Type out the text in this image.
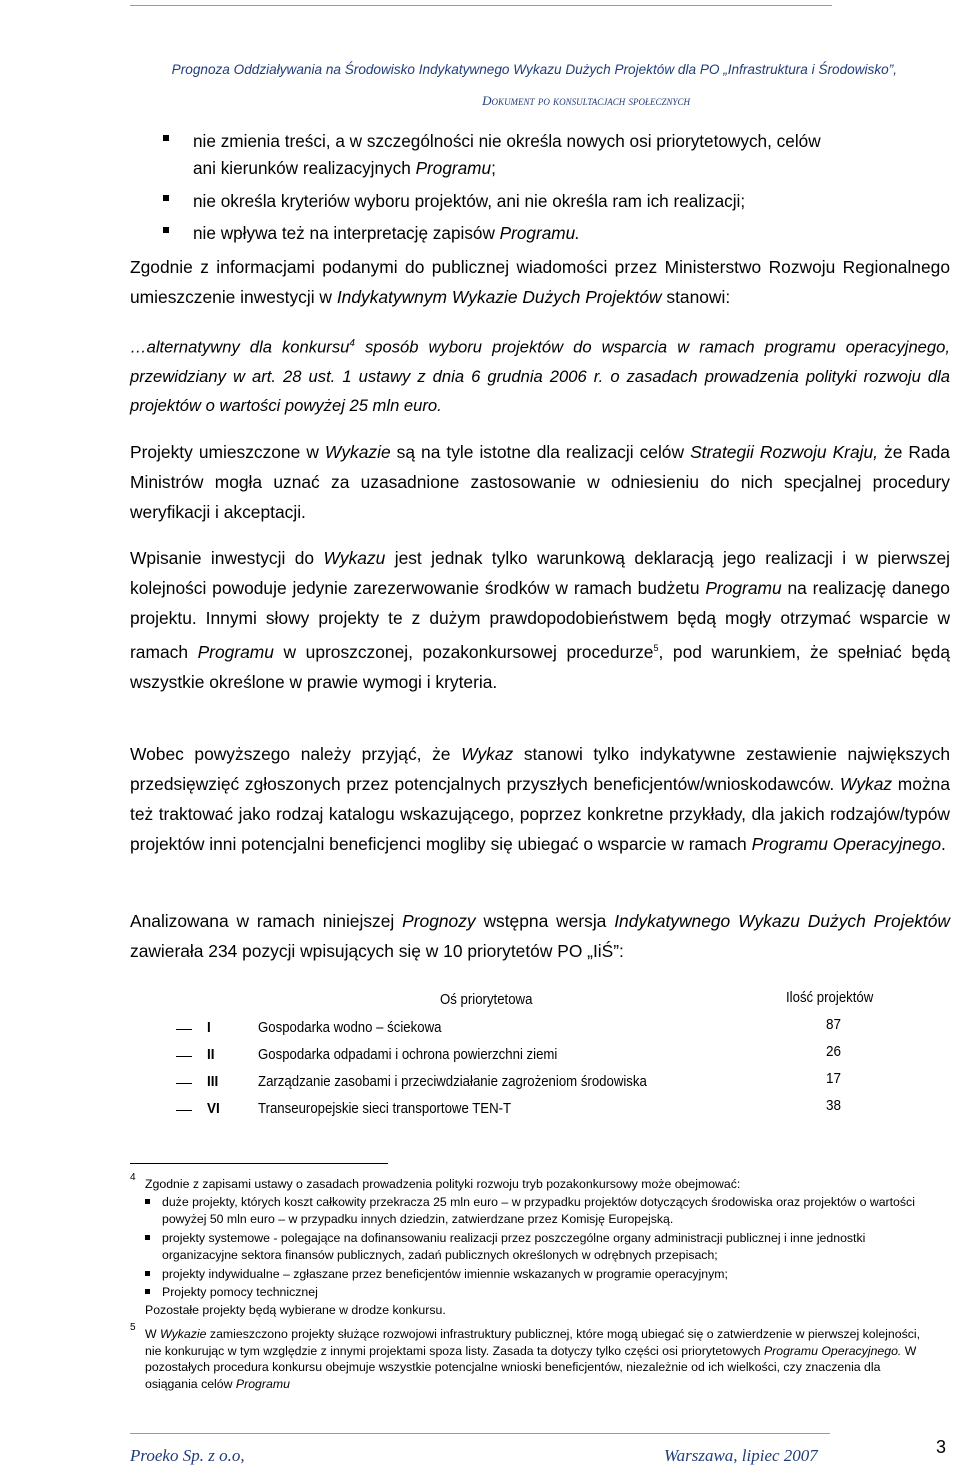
Prognoza Oddziaływania na Środowisko Indykatywnego Wykazu Dużych Projektów dla PO „Infrastruktura i Środowisko”,
Dokument po konsultacjach społecznych
nie zmienia treści, a w szczególności nie określa nowych osi priorytetowych, celów
ani kierunków realizacyjnych Programu;
nie określa kryteriów wyboru projektów, ani nie określa ram ich realizacji;
nie wpływa też na interpretację zapisów Programu.
Zgodnie z informacjami podanymi do publicznej wiadomości przez Ministerstwo Rozwoju Regionalnego umieszczenie inwestycji w Indykatywnym Wykazie Dużych Projektów stanowi:
…alternatywny dla konkursu$^4$ sposób wyboru projektów do wsparcia w ramach programu operacyjnego, przewidziany w art. 28 ust. 1 ustawy z dnia 6 grudnia 2006 r. o zasadach prowadzenia polityki rozwoju dla projektów o wartości powyżej 25 mln euro.
Projekty umieszczone w Wykazie są na tyle istotne dla realizacji celów Strategii Rozwoju Kraju, że Rada Ministrów mogła uznać za uzasadnione zastosowanie w odniesieniu do nich specjalnej procedury weryfikacji i akceptacji.
Wpisanie inwestycji do Wykazu jest jednak tylko warunkową deklaracją jego realizacji i w pierwszej kolejności powoduje jedynie zarezerwowanie środków w ramach budżetu Programu na realizację danego projektu. Innymi słowy projekty te z dużym prawdopodobieństwem będą mogły otrzymać wsparcie w ramach Programu w uproszczonej, pozakonkursowej procedurze$^5$, pod warunkiem, że spełniać będą wszystkie określone w prawie wymogi i kryteria.
Wobec powyższego należy przyjąć, że Wykaz stanowi tylko indykatywne zestawienie największych przedsięwzięć zgłoszonych przez potencjalnych przyszłych beneficjentów/wnioskodawców. Wykaz można też traktować jako rodzaj katalogu wskazującego, poprzez konkretne przykłady, dla jakich rodzajów/typów projektów inni potencjalni beneficjenci mogliby się ubiegać o wsparcie w ramach Programu Operacyjnego.
Analizowana w ramach niniejszej Prognozy wstępna wersja Indykatywnego Wykazu Dużych Projektów zawierała 234 pozycji wpisujących się w 10 priorytetów PO „IiŚ”:
Oś priorytetowa	Ilość projektów
I	Gospodarka wodno – ściekowa	87
II	Gospodarka odpadami i ochrona powierzchni ziemi	26
III	Zarządzanie zasobami i przeciwdziałanie zagrożeniom środowiska	17
VI	Transeuropejskie sieci transportowe TEN-T	38
4 Zgodnie z zapisami ustawy o zasadach prowadzenia polityki rozwoju tryb pozakonkursowy może obejmować:
duże projekty, których koszt całkowity przekracza 25 mln euro – w przypadku projektów dotyczących środowiska oraz projektów o wartości powyżej 50 mln euro – w przypadku innych dziedzin, zatwierdzane przez Komisję Europejską.
projekty systemowe - polegające na dofinansowaniu realizacji przez poszczególne organy administracji publicznej i inne jednostki organizacyjne sektora finansów publicznych, zadań publicznych określonych w odrębnych przepisach;
projekty indywidualne – zgłaszane przez beneficjentów imiennie wskazanych w programie operacyjnym;
Projekty pomocy technicznej
Pozostałe projekty będą wybierane w drodze konkursu.
5 W Wykazie zamieszczono projekty służące rozwojowi infrastruktury publicznej, które mogą ubiegać się o zatwierdzenie w pierwszej kolejności, nie konkurując w tym względzie z innymi projektami spoza listy. Zasada ta dotyczy tylko części osi priorytetowych Programu Operacyjnego. W pozostałych procedura konkursu obejmuje wszystkie potencjalne wnioski beneficjentów, niezależnie od ich wielkości, czy znaczenia dla osiągania celów Programu
Proeko Sp. z o.o,	Warszawa, lipiec 2007	3
